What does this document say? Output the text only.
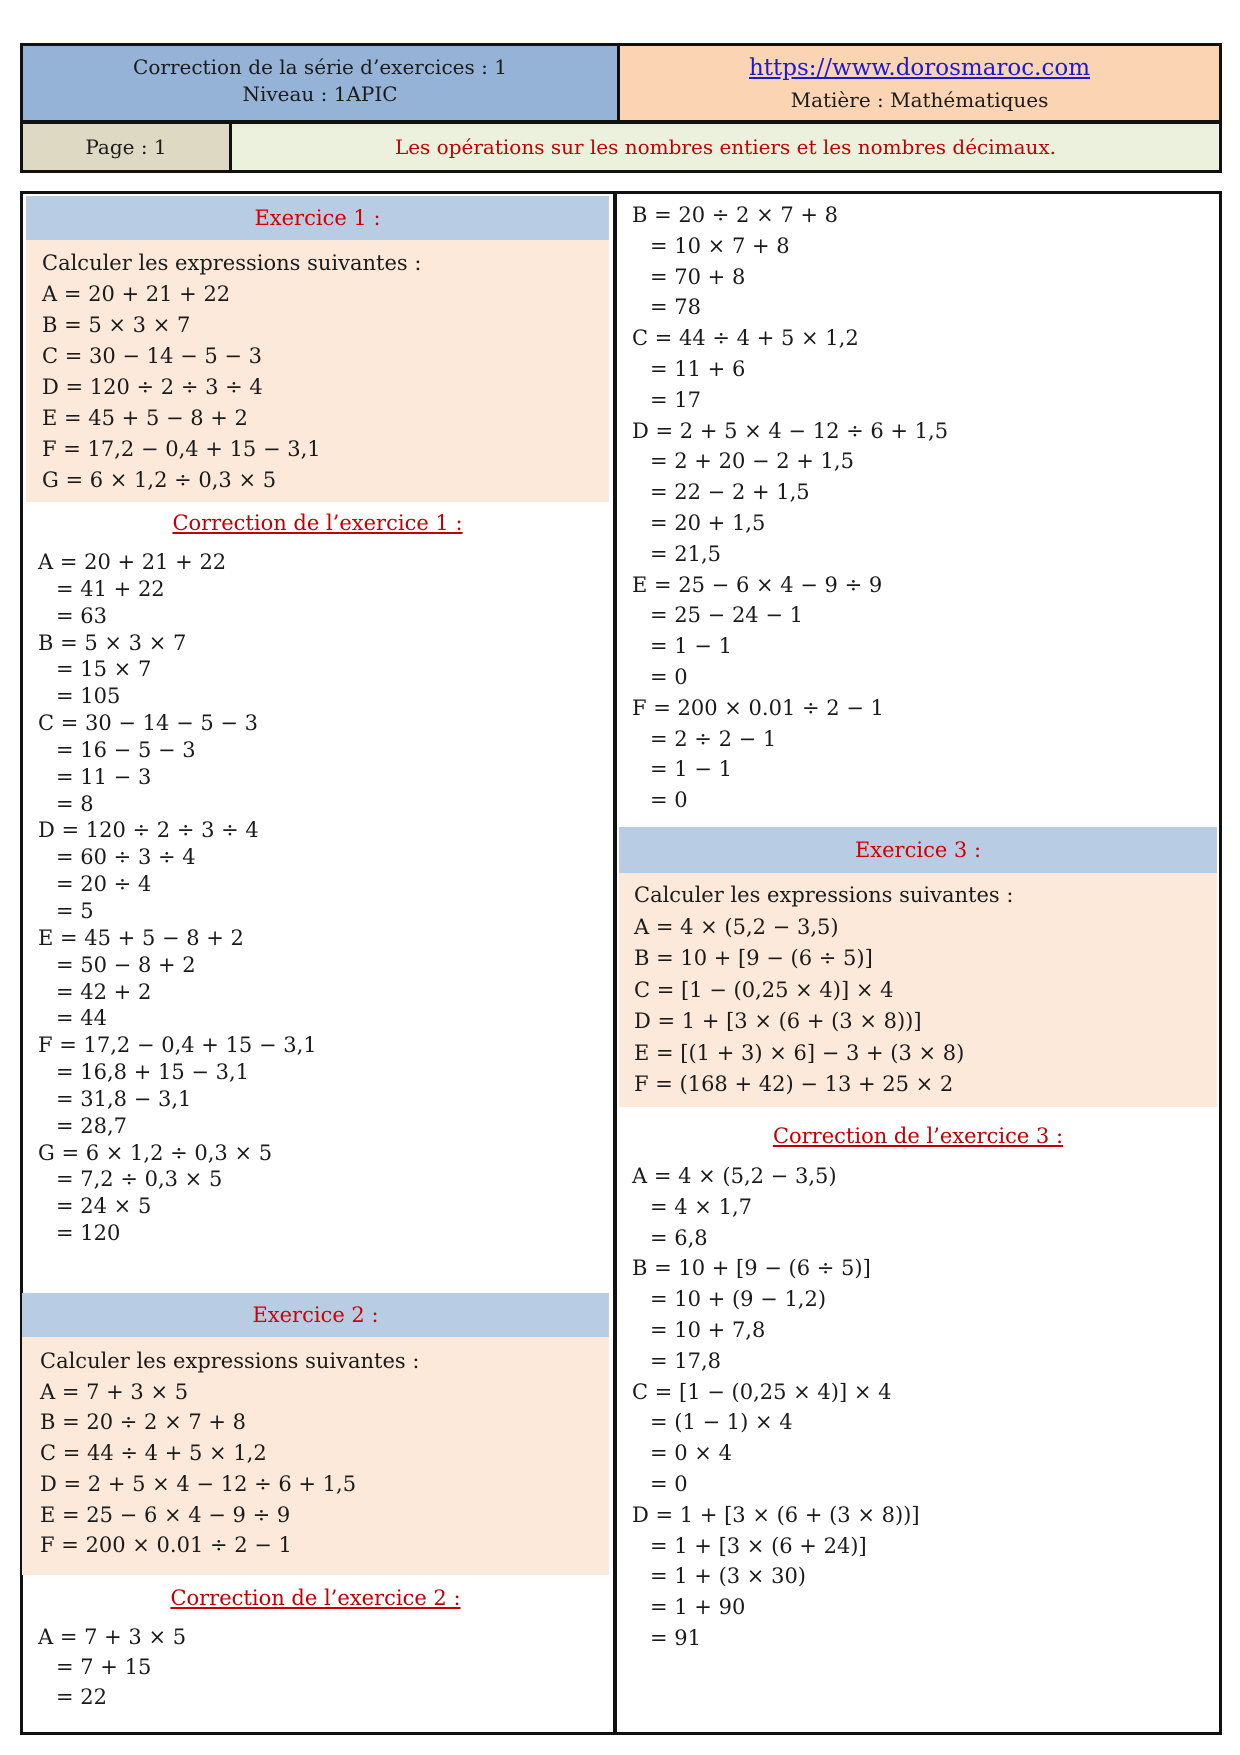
Correction de la série d’exercices : 1
Niveau : 1APIC
https://www.dorosmaroc.com
Matière : Mathématiques
Page : 1	Les opérations sur les nombres entiers et les nombres décimaux.
Exercice 1 :
Calculer les expressions suivantes :
A = 20 + 21 + 22
B = 5 × 3 × 7
C = 30 − 14 − 5 − 3
D = 120 ÷ 2 ÷ 3 ÷ 4
E = 45 + 5 − 8 + 2
F = 17,2 − 0,4 + 15 − 3,1
G = 6 × 1,2 ÷ 0,3 × 5
Correction de l’exercice 1 :
A = 20 + 21 + 22
= 41 + 22
= 63
B = 5 × 3 × 7
= 15 × 7
= 105
C = 30 − 14 − 5 − 3
= 16 − 5 − 3
= 11 − 3
= 8
D = 120 ÷ 2 ÷ 3 ÷ 4
= 60 ÷ 3 ÷ 4
= 20 ÷ 4
= 5
E = 45 + 5 − 8 + 2
= 50 − 8 + 2
= 42 + 2
= 44
F = 17,2 − 0,4 + 15 − 3,1
= 16,8 + 15 − 3,1
= 31,8 − 3,1
= 28,7
G = 6 × 1,2 ÷ 0,3 × 5
= 7,2 ÷ 0,3 × 5
= 24 × 5
= 120
Exercice 2 :
Calculer les expressions suivantes :
A = 7 + 3 × 5
B = 20 ÷ 2 × 7 + 8
C = 44 ÷ 4 + 5 × 1,2
D = 2 + 5 × 4 − 12 ÷ 6 + 1,5
E = 25 − 6 × 4 − 9 ÷ 9
F = 200 × 0.01 ÷ 2 − 1
Correction de l’exercice 2 :
A = 7 + 3 × 5
= 7 + 15
= 22
B = 20 ÷ 2 × 7 + 8
= 10 × 7 + 8
= 70 + 8
= 78
C = 44 ÷ 4 + 5 × 1,2
= 11 + 6
= 17
D = 2 + 5 × 4 − 12 ÷ 6 + 1,5
= 2 + 20 − 2 + 1,5
= 22 − 2 + 1,5
= 20 + 1,5
= 21,5
E = 25 − 6 × 4 − 9 ÷ 9
= 25 − 24 − 1
= 1 − 1
= 0
F = 200 × 0.01 ÷ 2 − 1
= 2 ÷ 2 − 1
= 1 − 1
= 0
Exercice 3 :
Calculer les expressions suivantes :
A = 4 × (5,2 − 3,5)
B = 10 + [9 − (6 ÷ 5)]
C = [1 − (0,25 × 4)] × 4
D = 1 + [3 × (6 + (3 × 8))]
E = [(1 + 3) × 6] − 3 + (3 × 8)
F = (168 + 42) − 13 + 25 × 2
Correction de l’exercice 3 :
A = 4 × (5,2 − 3,5)
= 4 × 1,7
= 6,8
B = 10 + [9 − (6 ÷ 5)]
= 10 + (9 − 1,2)
= 10 + 7,8
= 17,8
C = [1 − (0,25 × 4)] × 4
= (1 − 1) × 4
= 0 × 4
= 0
D = 1 + [3 × (6 + (3 × 8))]
= 1 + [3 × (6 + 24)]
= 1 + (3 × 30)
= 1 + 90
= 91
